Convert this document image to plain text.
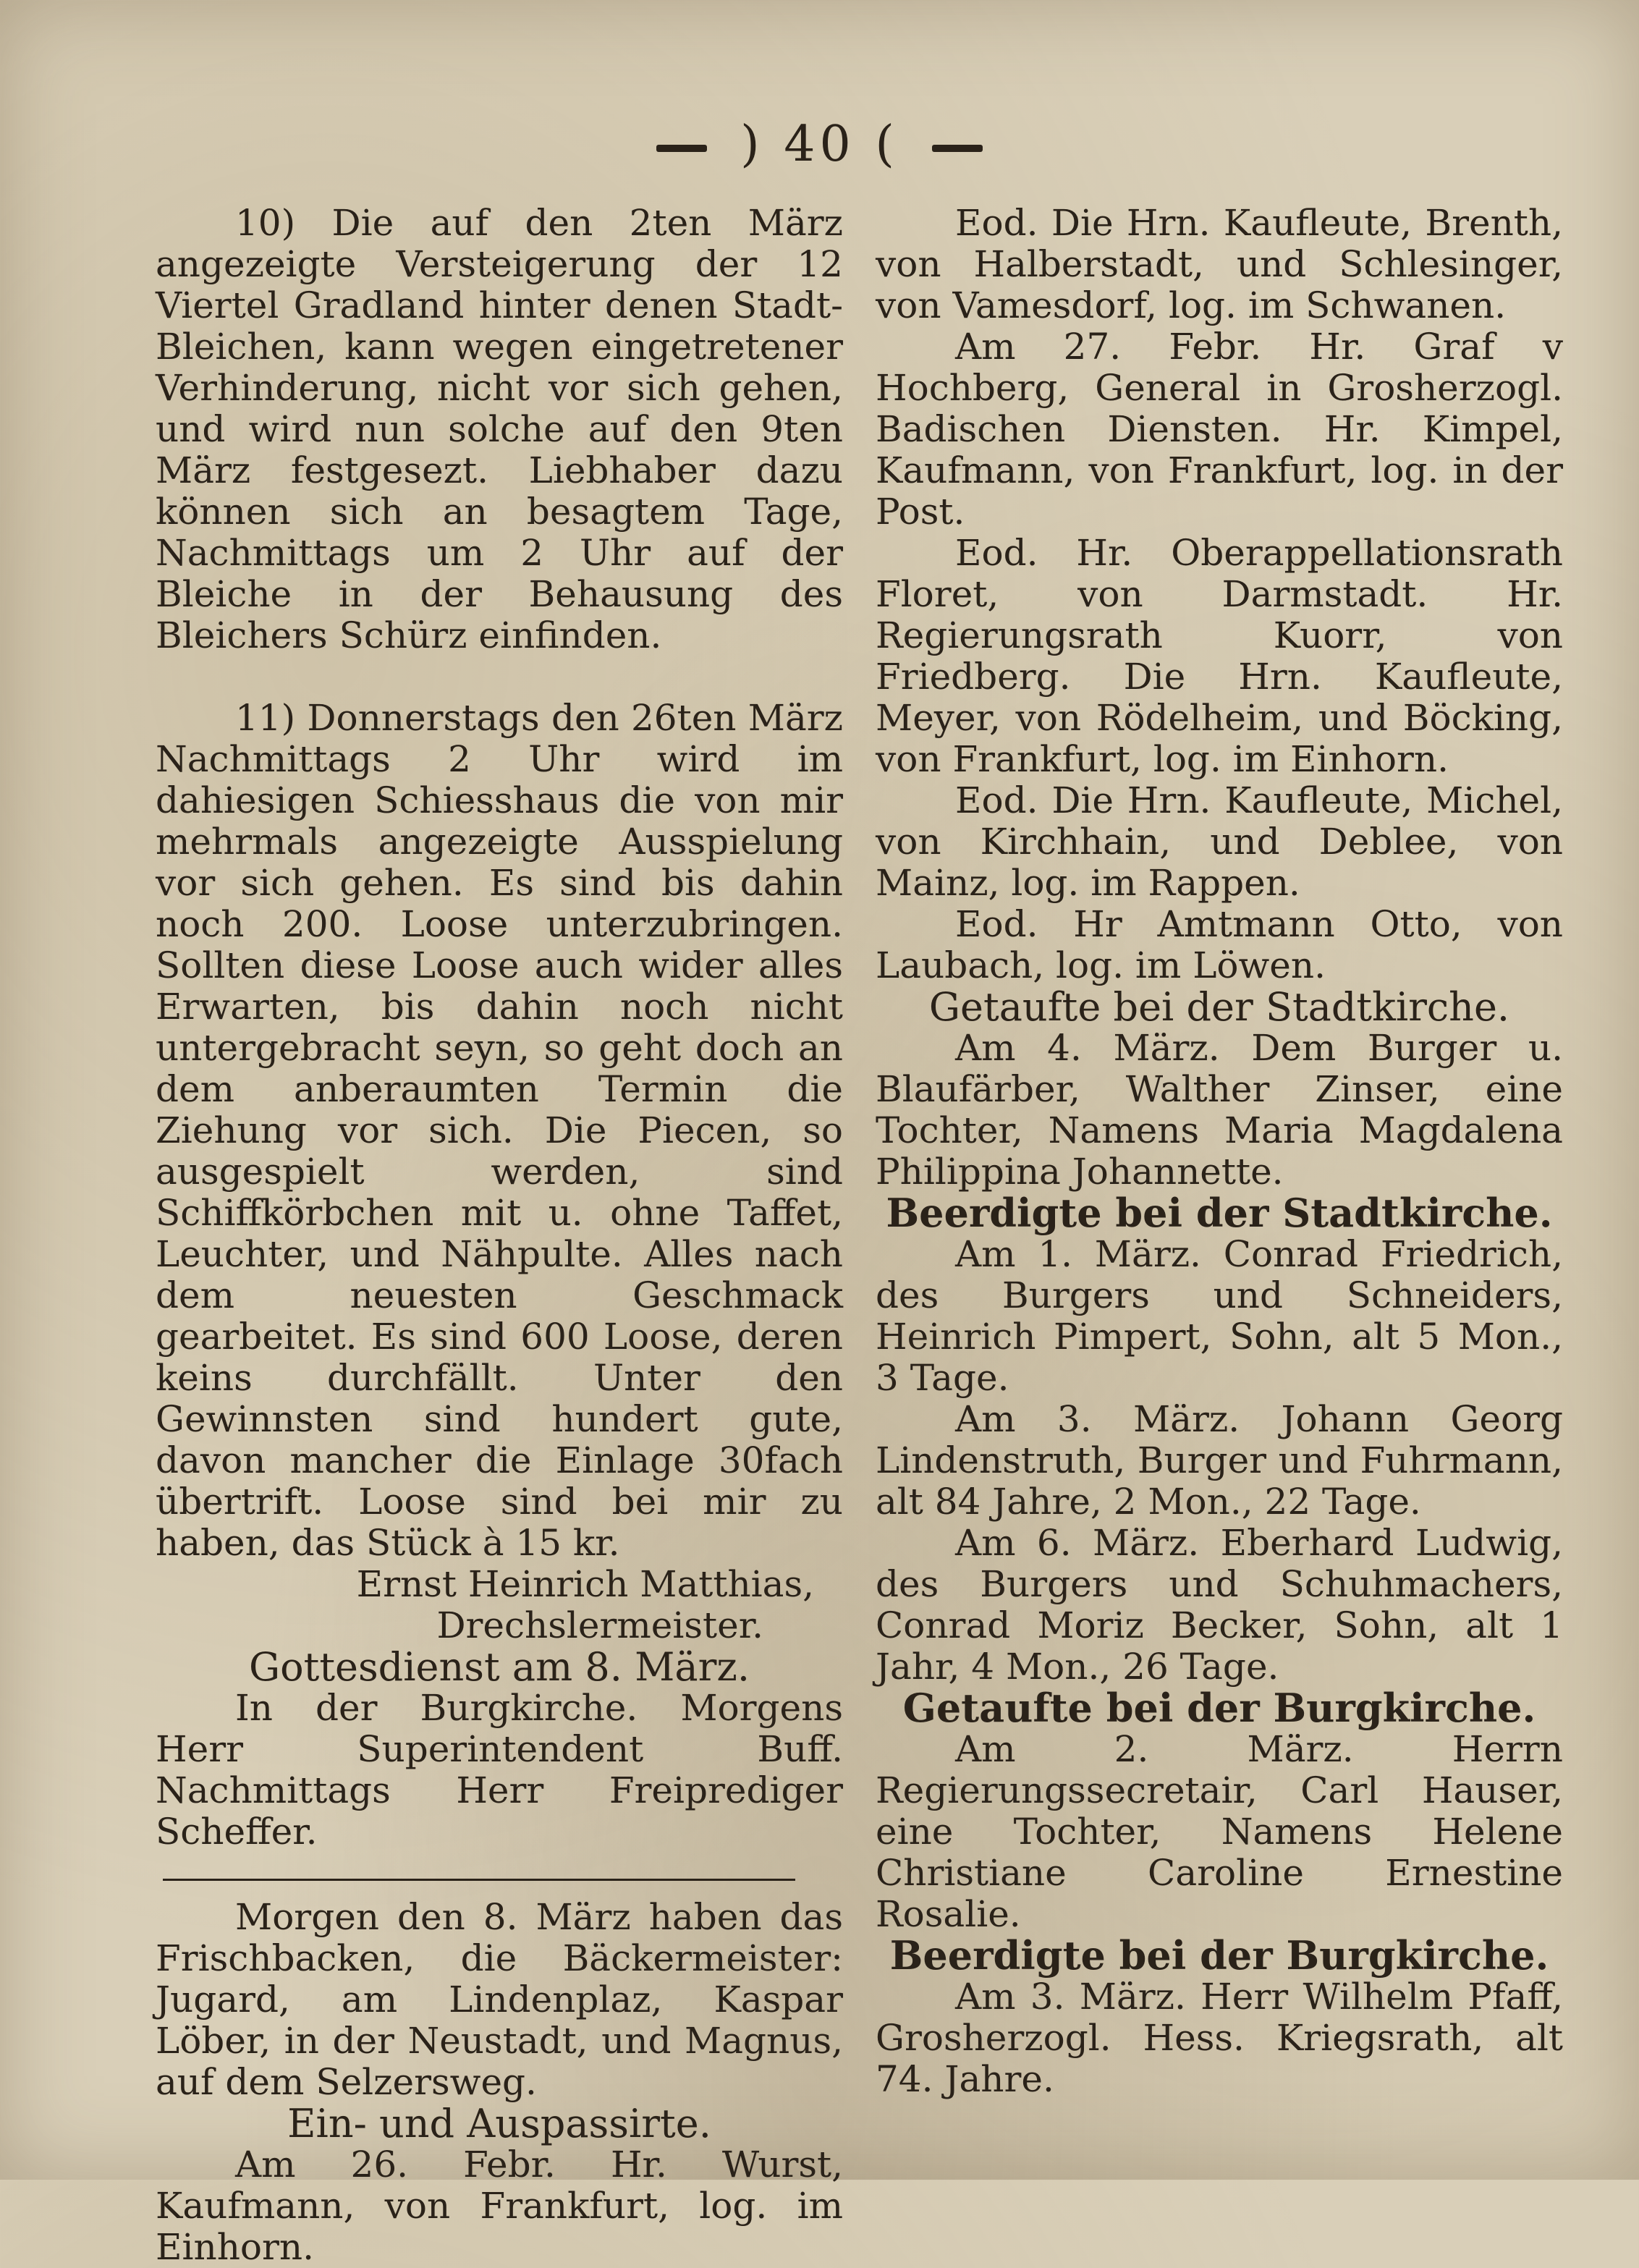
) 40 (

10) Die auf den 2ten März angezeigte Versteigerung der 12 Viertel Gradland hinter denen Stadt-Bleichen, kann wegen eingetretener Verhinderung, nicht vor sich gehen, und wird nun solche auf den 9ten März festgesezt. Liebhaber dazu können sich an besagtem Tage, Nachmittags um 2 Uhr auf der Bleiche in der Behausung des Bleichers Schürz einfinden.

11) Donnerstags den 26ten März Nachmittags 2 Uhr wird im dahiesigen Schiesshaus die von mir mehrmals angezeigte Ausspielung vor sich gehen. Es sind bis dahin noch 200. Loose unterzubringen. Sollten diese Loose auch wider alles Erwarten, bis dahin noch nicht untergebracht seyn, so geht doch an dem anberaumten Termin die Ziehung vor sich. Die Piecen, so ausgespielt werden, sind Schiffkörbchen mit u. ohne Taffet, Leuchter, und Nähpulte. Alles nach dem neuesten Geschmack gearbeitet. Es sind 600 Loose, deren keins durchfällt. Unter den Gewinnsten sind hundert gute, davon mancher die Einlage 30fach übertrift. Loose sind bei mir zu haben, das Stück à 15 kr.

Ernst Heinrich Matthias,

Drechslermeister.

Gottesdienst am 8. März.

In der Burgkirche. Morgens Herr Superintendent Buff. Nachmittags Herr Freiprediger Scheffer.

Morgen den 8. März haben das Frischbacken, die Bäckermeister: Jugard, am Lindenplaz, Kaspar Löber, in der Neustadt, und Magnus, auf dem Selzersweg.

Ein- und Auspassirte.

Am 26. Febr. Hr. Wurst, Kaufmann, von Frankfurt, log. im Einhorn.

Eod. Die Hrn. Kaufleute, Brenth, von Halberstadt, und Schlesinger, von Vamesdorf, log. im Schwanen.

Am 27. Febr. Hr. Graf v Hochberg, General in Grosherzogl. Badischen Diensten. Hr. Kimpel, Kaufmann, von Frankfurt, log. in der Post.

Eod. Hr. Oberappellationsrath Floret, von Darmstadt. Hr. Regierungsrath Kuorr, von Friedberg. Die Hrn. Kaufleute, Meyer, von Rödelheim, und Böcking, von Frankfurt, log. im Einhorn.

Eod. Die Hrn. Kaufleute, Michel, von Kirchhain, und Deblee, von Mainz, log. im Rappen.

Eod. Hr Amtmann Otto, von Laubach, log. im Löwen.

Getaufte bei der Stadtkirche.

Am 4. März. Dem Burger u. Blaufärber, Walther Zinser, eine Tochter, Namens Maria Magdalena Philippina Johannette.

Beerdigte bei der Stadtkirche.

Am 1. März. Conrad Friedrich, des Burgers und Schneiders, Heinrich Pimpert, Sohn, alt 5 Mon., 3 Tage.

Am 3. März. Johann Georg Lindenstruth, Burger und Fuhrmann, alt 84 Jahre, 2 Mon., 22 Tage.

Am 6. März. Eberhard Ludwig, des Burgers und Schuhmachers, Conrad Moriz Becker, Sohn, alt 1 Jahr, 4 Mon., 26 Tage.

Getaufte bei der Burgkirche.

Am 2. März. Herrn Regierungssecretair, Carl Hauser, eine Tochter, Namens Helene Christiane Caroline Ernestine Rosalie.

Beerdigte bei der Burgkirche.

Am 3. März. Herr Wilhelm Pfaff, Grosherzogl. Hess. Kriegsrath, alt 74. Jahre.
